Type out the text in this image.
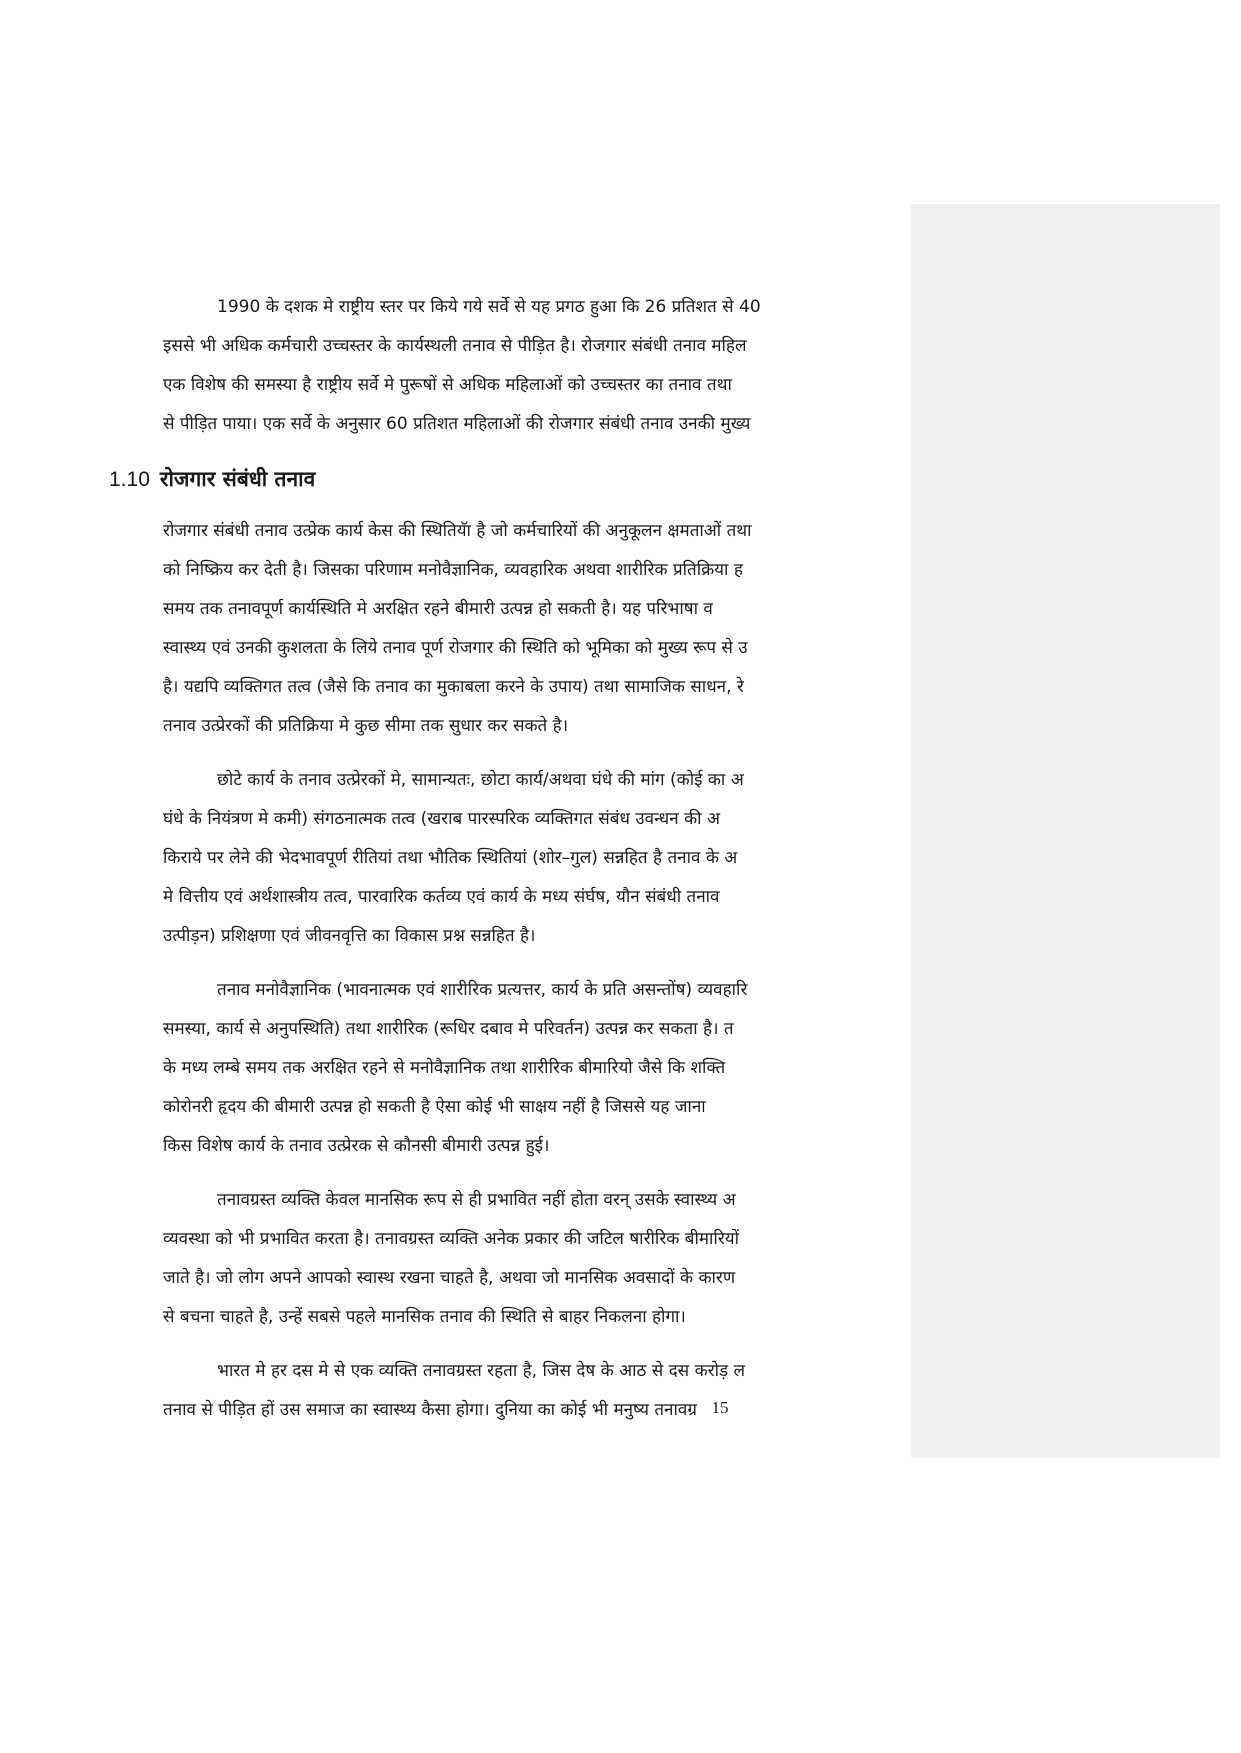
1990 के दशक मे राष्ट्रीय स्तर पर किये गये सर्वे से यह प्रगठ हुआ कि 26 प्रतिशत से 40
इससे भी अधिक कर्मचारी उच्चस्तर के कार्यस्थली तनाव से पीड़ित है। रोजगार संबंधी तनाव महिल
एक विशेष की समस्या है राष्ट्रीय सर्वे मे पुरूषों से अधिक महिलाओं को उच्चस्तर का तनाव तथा
से पीड़ित पाया। एक सर्वे के अनुसार 60 प्रतिशत महिलाओं की रोजगार संबंधी तनाव उनकी मुख्य

1.10 रोजगार संबंधी तनाव

रोजगार संबंधी तनाव उत्प्रेक कार्य केस की स्थितियॅा है जो कर्मचारियों की अनुकूलन क्षमताओं तथा
को निष्क्रिय कर देती है। जिसका परिणाम मनोवैज्ञानिक, व्यवहारिक अथवा शारीरिक प्रतिक्रिया ह
समय तक तनावपूर्ण कार्यस्थिति मे अरक्षित रहने बीमारी उत्पन्न हो सकती है। यह परिभाषा व
स्वास्थ्य एवं उनकी कुशलता के लिये तनाव पूर्ण रोजगार की स्थिति को भूमिका को मुख्य रूप से उ
है। यद्यपि व्यक्तिगत तत्व (जैसे कि तनाव का मुकाबला करने के उपाय) तथा सामाजिक साधन, रे
तनाव उत्प्रेरकों की प्रतिक्रिया मे कुछ सीमा तक सुधार कर सकते है।

छोटे कार्य के तनाव उत्प्रेरकों मे, सामान्यतः, छोटा कार्य/अथवा घंधे की मांग (कोई का अ
घंधे के नियंत्रण मे कमी) संगठनात्मक तत्व (खराब पारस्परिक व्यक्तिगत संबंध उवन्धन की अ
किराये पर लेने की भेदभावपूर्ण रीतियां तथा भौतिक स्थितियां (शोर–गुल) सन्नहित है तनाव के अ
मे वित्तीय एवं अर्थशास्त्रीय तत्व, पारवारिक कर्तव्य एवं कार्य के मध्य संर्घष, यौन संबंधी तनाव
उत्पीड़न) प्रशिक्षणा एवं जीवनवृत्ति का विकास प्रश्न सन्नहित है।

तनाव मनोवैज्ञानिक (भावनात्मक एवं शारीरिक प्रत्यत्तर, कार्य के प्रति असन्तोंष) व्यवहारि
समस्या, कार्य से अनुपस्थिति) तथा शारीरिक (रूधिर दबाव मे परिवर्तन) उत्पन्न कर सकता है। त
के मध्य लम्बे समय तक अरक्षित रहने से मनोवैज्ञानिक तथा शारीरिक बीमारियो जैसे कि शक्ति
कोरोनरी हृदय की बीमारी उत्पन्न हो सकती है ऐसा कोई भी साक्षय नहीं है जिससे यह जाना
किस विशेष कार्य के तनाव उत्प्रेरक से कौनसी बीमारी उत्पन्न हुई।

तनावग्रस्त व्यक्ति केवल मानसिक रूप से ही प्रभावित नहीं होता वरन् उसके स्वास्थ्य अ
व्यवस्था को भी प्रभावित करता है। तनावग्रस्त व्यक्ति अनेक प्रकार की जटिल षारीरिक बीमारियों
जाते है। जो लोग अपने आपको स्वास्थ रखना चाहते है, अथवा जो मानसिक अवसादों के कारण
से बचना चाहते है, उन्हें सबसे पहले मानसिक तनाव की स्थिति से बाहर निकलना होगा।

भारत मे हर दस मे से एक व्यक्ति तनावग्रस्त रहता है, जिस देष के आठ से दस करोड़ ल
तनाव से पीड़ित हों उस समाज का स्वास्थ्य कैसा होगा। दुनिया का कोई भी मनुष्य तनावग्र 15
